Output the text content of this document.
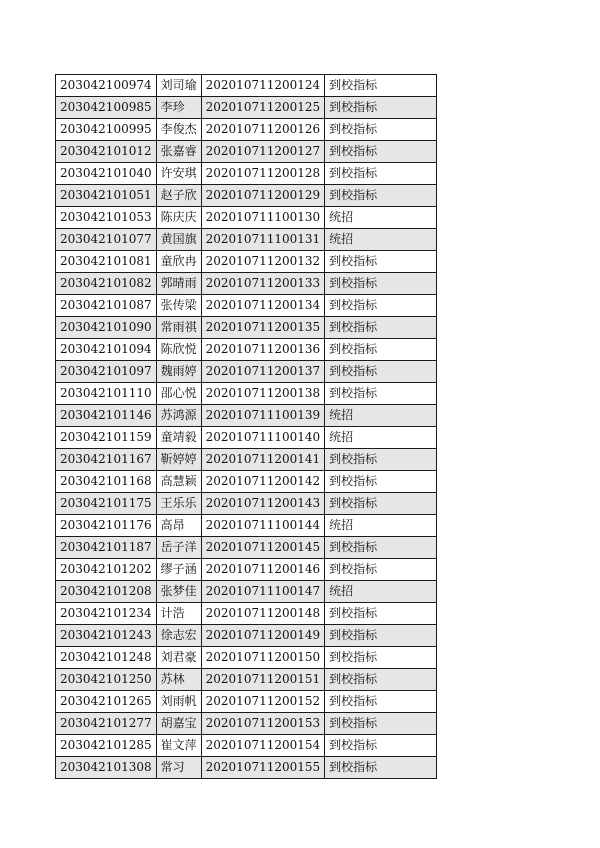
203042100974	刘司瑜	202010711200124	到校指标
203042100985	李珍	202010711200125	到校指标
203042100995	李俊杰	202010711200126	到校指标
203042101012	张嘉睿	202010711200127	到校指标
203042101040	许安琪	202010711200128	到校指标
203042101051	赵子欣	202010711200129	到校指标
203042101053	陈庆庆	202010711100130	统招
203042101077	黄国旗	202010711100131	统招
203042101081	童欣冉	202010711200132	到校指标
203042101082	郭晴雨	202010711200133	到校指标
203042101087	张传梁	202010711200134	到校指标
203042101090	常雨祺	202010711200135	到校指标
203042101094	陈欣悦	202010711200136	到校指标
203042101097	魏雨婷	202010711200137	到校指标
203042101110	邵心悦	202010711200138	到校指标
203042101146	苏鸿源	202010711100139	统招
203042101159	童靖毅	202010711100140	统招
203042101167	靳婷婷	202010711200141	到校指标
203042101168	高慧颖	202010711200142	到校指标
203042101175	王乐乐	202010711200143	到校指标
203042101176	高昂	202010711100144	统招
203042101187	岳子洋	202010711200145	到校指标
203042101202	缪子涵	202010711200146	到校指标
203042101208	张梦佳	202010711100147	统招
203042101234	计浩	202010711200148	到校指标
203042101243	徐志宏	202010711200149	到校指标
203042101248	刘君豪	202010711200150	到校指标
203042101250	苏林	202010711200151	到校指标
203042101265	刘雨帆	202010711200152	到校指标
203042101277	胡嘉宝	202010711200153	到校指标
203042101285	崔文萍	202010711200154	到校指标
203042101308	常习	202010711200155	到校指标
